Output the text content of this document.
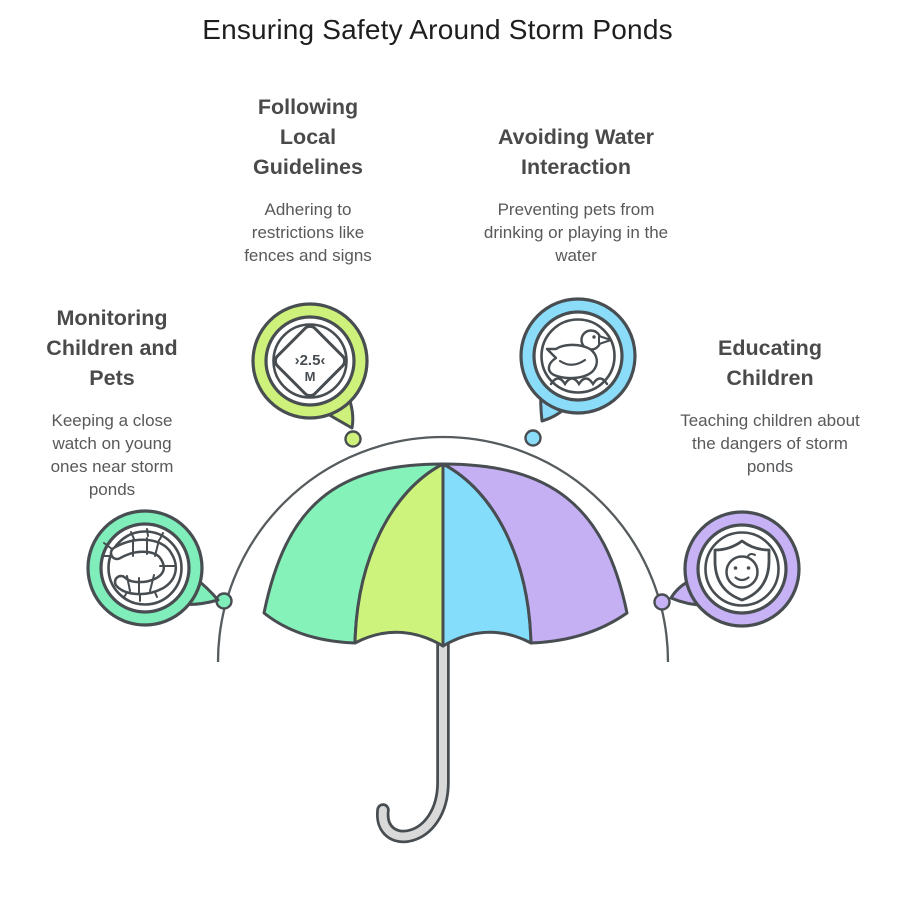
Ensuring Safety Around Storm Ponds
Following Local Guidelines
Adhering to restrictions like fences and signs
Avoiding Water Interaction
Preventing pets from drinking or playing in the water
Monitoring Children and Pets
Keeping a close watch on young ones near storm ponds
Educating Children
Teaching children about the dangers of storm ponds
›2.5‹
M
